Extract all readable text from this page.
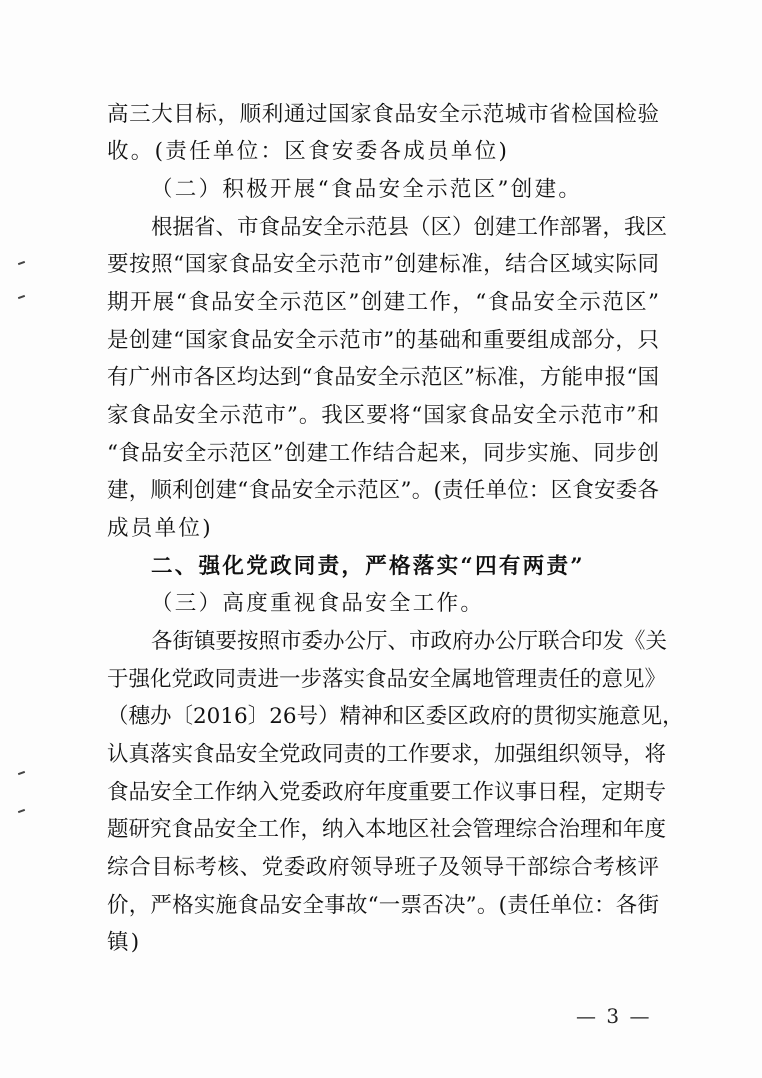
高三大目标，顺利通过国家食品安全示范城市省检国检验
收。(责任单位：区食安委各成员单位)
（二）积极开展“食品安全示范区”创建。
根据省、市食品安全示范县（区）创建工作部署，我区
要按照“国家食品安全示范市”创建标准，结合区域实际同
期开展“食品安全示范区”创建工作，“食品安全示范区”
是创建“国家食品安全示范市”的基础和重要组成部分，只
有广州市各区均达到“食品安全示范区”标准，方能申报“国
家食品安全示范市”。我区要将“国家食品安全示范市”和
“食品安全示范区”创建工作结合起来，同步实施、同步创
建，顺利创建“食品安全示范区”。(责任单位：区食安委各
成员单位)
二、强化党政同责，严格落实“四有两责”
（三）高度重视食品安全工作。
各街镇要按照市委办公厅、市政府办公厅联合印发《关
于强化党政同责进一步落实食品安全属地管理责任的意见》
（穗办〔2016〕26号）精神和区委区政府的贯彻实施意见，
认真落实食品安全党政同责的工作要求，加强组织领导，将
食品安全工作纳入党委政府年度重要工作议事日程，定期专
题研究食品安全工作，纳入本地区社会管理综合治理和年度
综合目标考核、党委政府领导班子及领导干部综合考核评
价，严格实施食品安全事故“一票否决”。(责任单位：各街
镇)
— 3 —
